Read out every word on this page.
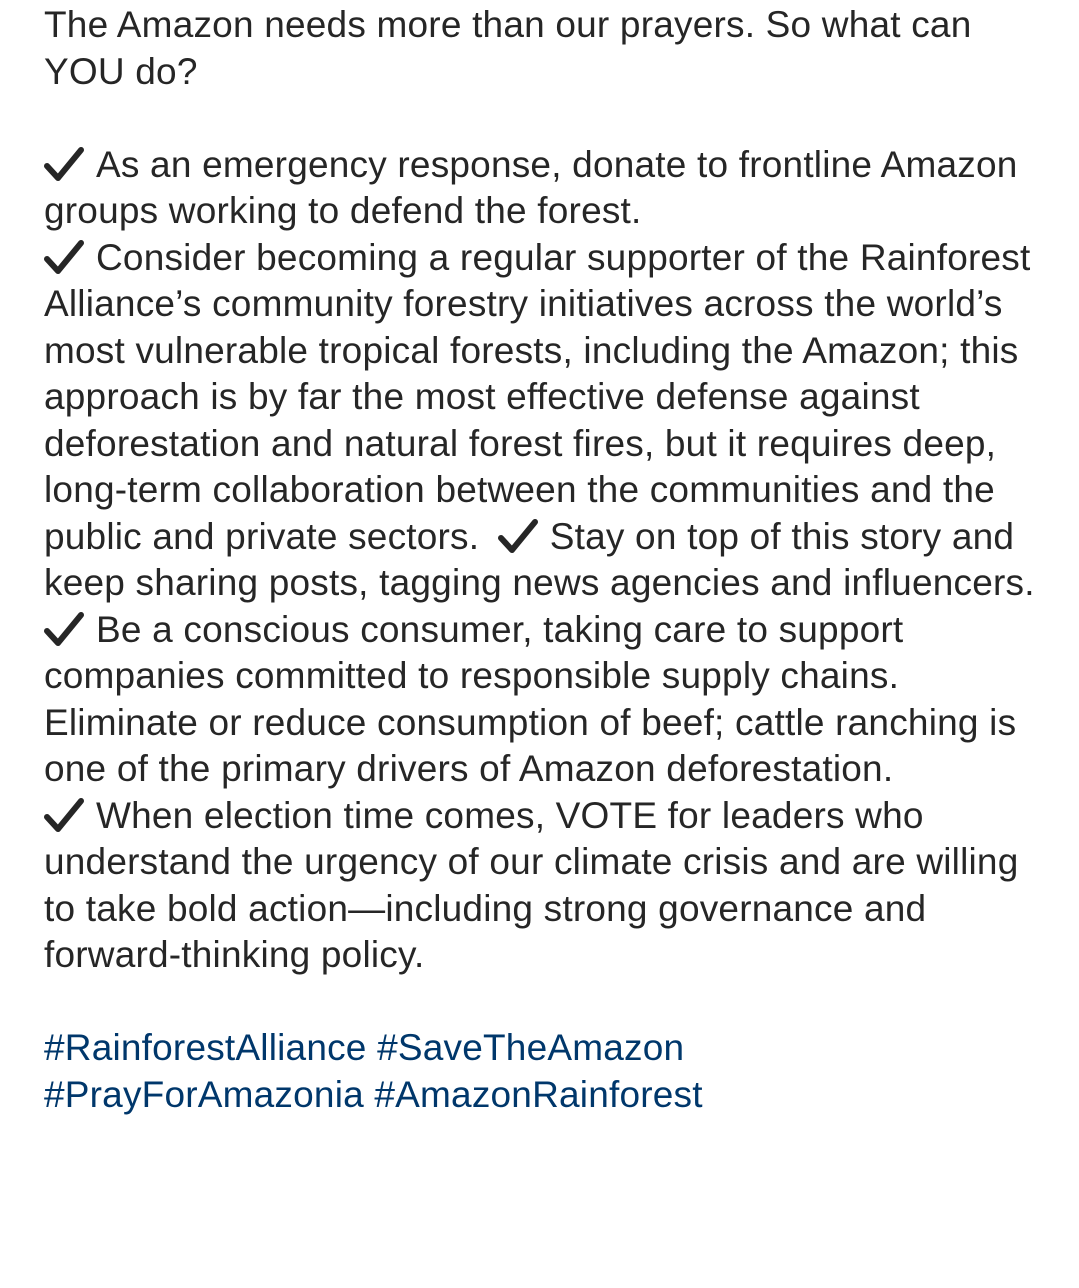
The Amazon needs more than our prayers. So what can YOU do?

As an emergency response, donate to frontline Amazon groups working to defend the forest.

Consider becoming a regular supporter of the Rainforest Alliance’s community forestry initiatives across the world’s most vulnerable tropical forests, including the Amazon; this approach is by far the most effective defense against deforestation and natural forest fires, but it requires deep, long-term collaboration between the communities and the public and private sectors. Stay on top of this story and keep sharing posts, tagging news agencies and influencers.

Be a conscious consumer, taking care to support companies committed to responsible supply chains. Eliminate or reduce consumption of beef; cattle ranching is one of the primary drivers of Amazon deforestation.

When election time comes, VOTE for leaders who understand the urgency of our climate crisis and are willing to take bold action—including strong governance and forward-thinking policy.

#RainforestAlliance #SaveTheAmazon
#PrayForAmazonia #AmazonRainforest
